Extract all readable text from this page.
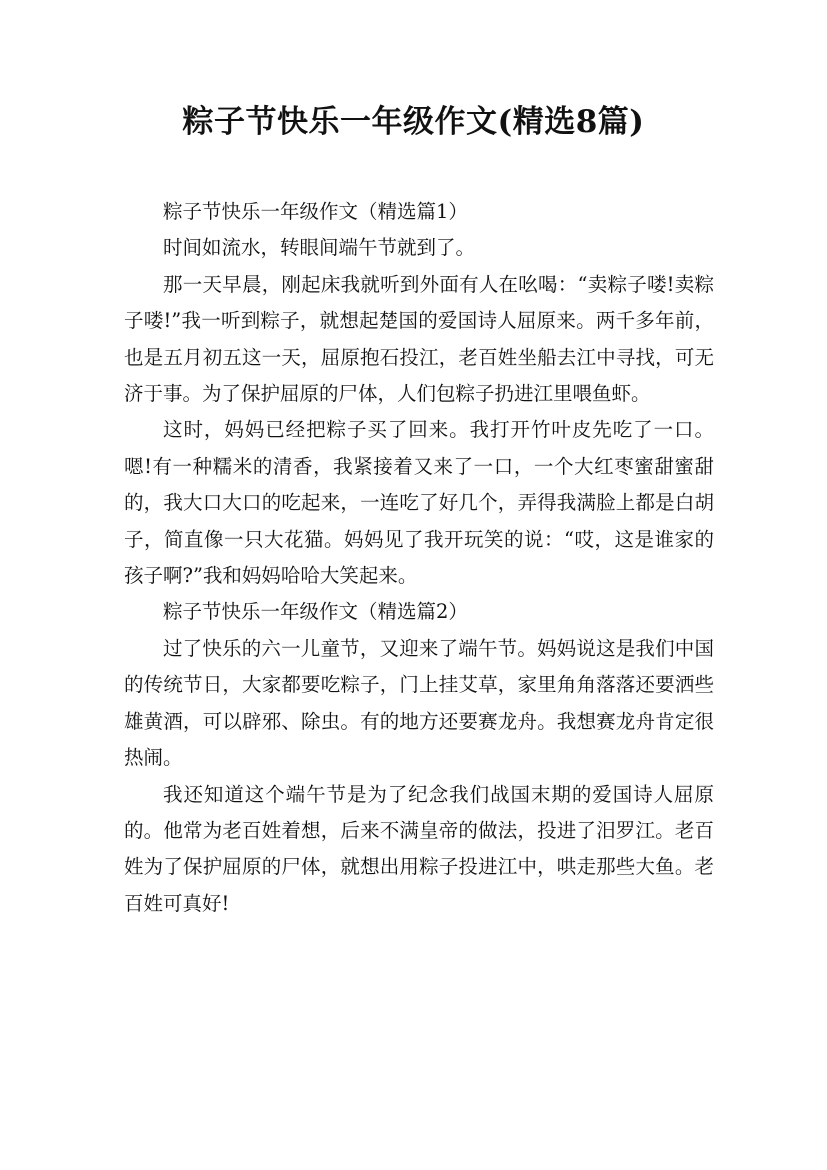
粽子节快乐一年级作文(精选8篇)

粽子节快乐一年级作文（精选篇1）

时间如流水，转眼间端午节就到了。

那一天早晨，刚起床我就听到外面有人在吆喝：“卖粽子喽!卖粽子喽!”我一听到粽子，就想起楚国的爱国诗人屈原来。两千多年前，也是五月初五这一天，屈原抱石投江，老百姓坐船去江中寻找，可无济于事。为了保护屈原的尸体，人们包粽子扔进江里喂鱼虾。

这时，妈妈已经把粽子买了回来。我打开竹叶皮先吃了一口。嗯!有一种糯米的清香，我紧接着又来了一口，一个大红枣蜜甜蜜甜的，我大口大口的吃起来，一连吃了好几个，弄得我满脸上都是白胡子，简直像一只大花猫。妈妈见了我开玩笑的说：“哎，这是谁家的孩子啊?”我和妈妈哈哈大笑起来。

粽子节快乐一年级作文（精选篇2）

过了快乐的六一儿童节，又迎来了端午节。妈妈说这是我们中国的传统节日，大家都要吃粽子，门上挂艾草，家里角角落落还要洒些雄黄酒，可以辟邪、除虫。有的地方还要赛龙舟。我想赛龙舟肯定很热闹。

我还知道这个端午节是为了纪念我们战国末期的爱国诗人屈原的。他常为老百姓着想，后来不满皇帝的做法，投进了汨罗江。老百姓为了保护屈原的尸体，就想出用粽子投进江中，哄走那些大鱼。老百姓可真好!
